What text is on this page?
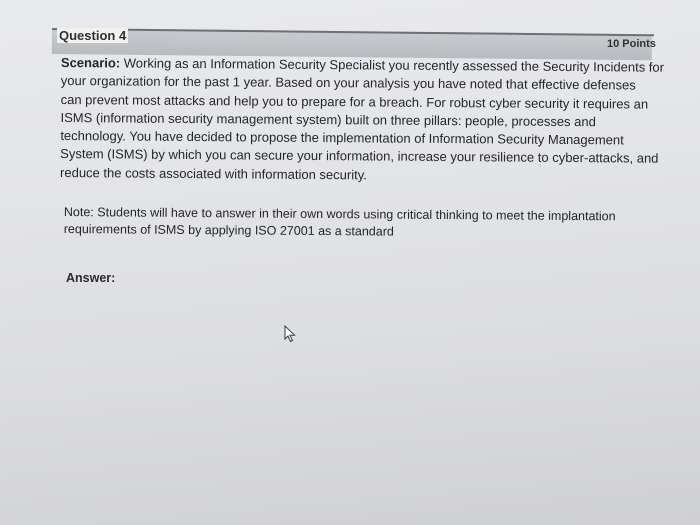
Question 4
10 Points
Scenario: Working as an Information Security Specialist you recently assessed the Security Incidents for
your organization for the past 1 year. Based on your analysis you have noted that effective defenses
can prevent most attacks and help you to prepare for a breach. For robust cyber security it requires an
ISMS (information security management system) built on three pillars: people, processes and
technology. You have decided to propose the implementation of Information Security Management
System (ISMS) by which you can secure your information, increase your resilience to cyber-attacks, and
reduce the costs associated with information security.
Note: Students will have to answer in their own words using critical thinking to meet the implantation
requirements of ISMS by applying ISO 27001 as a standard
Answer:
